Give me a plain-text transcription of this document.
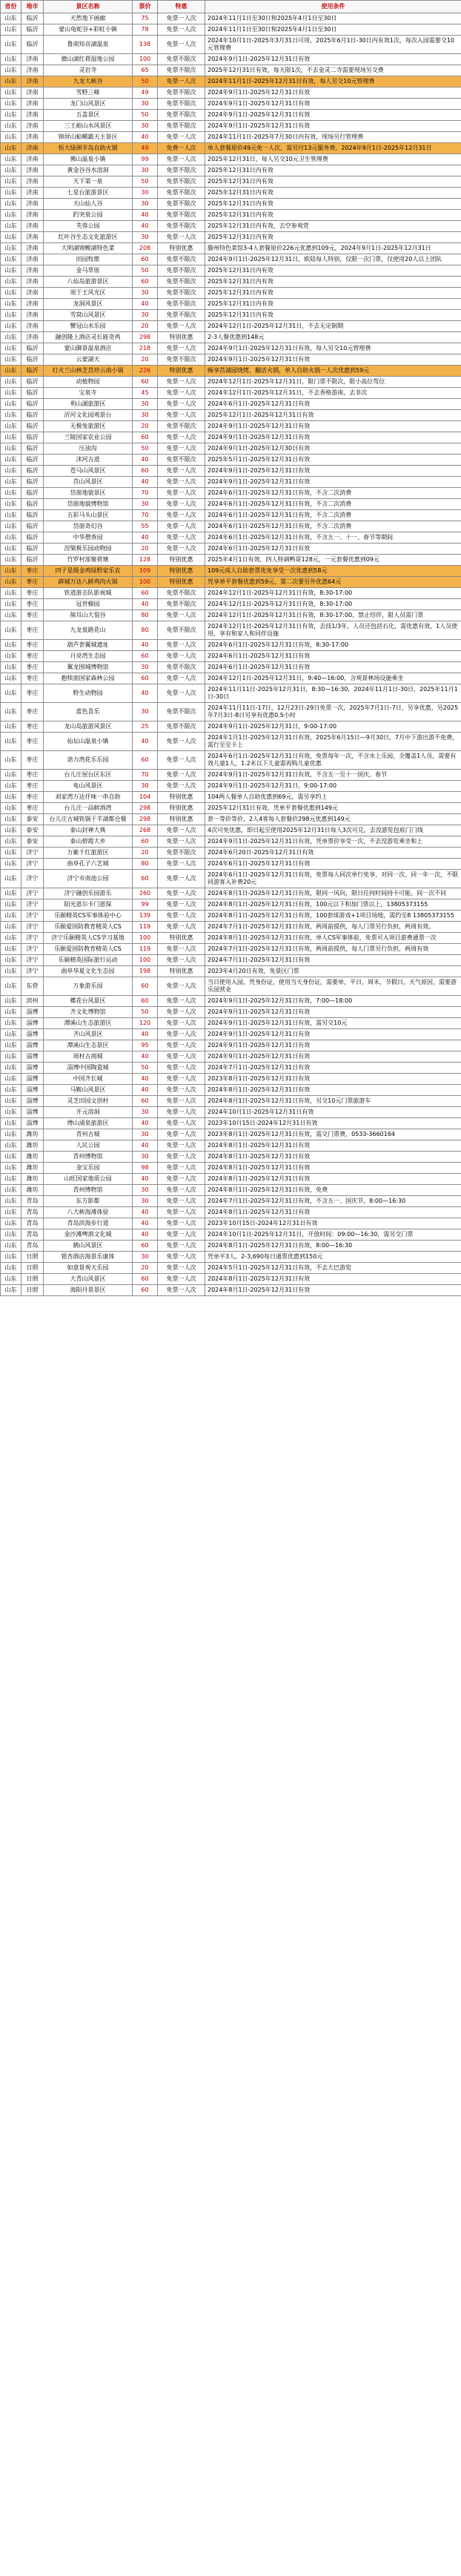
省份	地市	景区名称	票价	特惠	使用条件
山东	临沂	天然地下画廊	75	免票一人次	2024年11月1日至30日和2025年4月1日至30日
山东	临沂	蒙山龟蛇谷+彩虹小镇	78	免票一人次	2024年11月1日至30日和2025年4月1日至30日
山东	临沂	鲁南知音湖温泉	138	免票一人次	2024年10月1日-2025年3月31日可用，2025年6月1日-30日内有效1次，每次入园需要交10元管理费
山东	济南	微山湖红荷湿地公园	100	免票不限次	2024年9月1日-2025年12月31日有效
山东	济南	灵岩寺	65	免票不限次	2025年12月31日有效，每天限1次，不去金灵二寺需要现场另交费
山东	济南	九龙大峡谷	50	免票一人次	2024年11月1日-2025年12月31日有效，每人另交10元管理费
山东	济南	雪野三峰	49	免票不限次	2024年9月1日-2025年12月31日有效
山东	济南	龙门山风景区	30	免票不限次	2024年9月1日-2025年12月31日有效
山东	济南	五盖景区	50	免票不限次	2024年9月1日-2025年12月31日有效
山东	济南	三王峪山水风景区	30	免票不限次	2024年9月1日-2025年12月31日有效
山东	济南	锦屏山蛤蟆霸天主景区	40	免票一人次	2024年11月1日-2025年7月30日内有效，现场另行管理费
山东	济南	恒大绿洲半岛自助火锅	49	免费一人次	单人套餐原价49元免一人次，需另付13元服务费，2024年9月1日-2025年12月31日
山东	济南	佛山温泉小镇	99	免票一人次	2025年12月31日，每人另交10元卫生管理费
山东	济南	黄金谷谷水溶洞	30	免票不限次	2025年12月31日内有效
山东	济南	天下第一泉	50	免票不限次	2025年12月31日内有效
山东	济南	七星台旅游景区	30	免票不限次	2025年12月31日内有效
山东	济南	天山仙人谷	30	免票不限次	2025年12月31日内有效
山东	济南	趵突泉公园	40	免票不限次	2025年12月31日内有效
山东	济南	芙蓉公园	40	免票不限次	2025年12月31日内有效，去空参观赏
山东	济南	红叶谷生态文化旅游区	30	免票一人次	2025年12月31日内有效
山东	济南	大明湖锦鲤湖特色菜	208	特别优惠	滕州特色菜馆3-4人套餐原价226元优惠到109元，2024年9月1日-2025年12月31日
山东	济南	田园牧歌	60	免票不限次	2024年9月1日-2025年12月31日，欧陆每人特别、仅限一次门票，仅使用20人以上团队
山东	济南	金马草原	50	免票不限次	2025年12月31日内有效
山东	济南	八仙岛旅游景区	60	免票不限次	2025年12月31日内有效
山东	济南	周于王风光区	30	免票不限次	2025年12月31日内有效
山东	济南	龙洞风景区	40	免票不限次	2025年12月31日内有效
山东	济南	雪窝山风景区	30	免票不限次	2025年12月31日内有效
山东	济南	蟹冠山水乐园	20	免票一人次	2024年12月1日-2025年12月31日，不去无定制期
山东	济南	融创隆上酒店灵长能奇鸡	298	特别优惠	2-3人餐优惠到148元
山东	临沂	蒙山御景温泉酒店	218	免票一人次	2024年9月1日-2025年12月31日有效，每人另交10元管理费
山东	临沂	云蒙湖天	20	免票不限次	2024年9月1日-2025年12月31日有效
山东	临沂	灯火兰山林芝莒珍云南小锅	226	特别优惠	畅享莒湖园烧烤，翻活火锅，单人自助火锅一人次优惠到59元
山东	临沂	动植物园	60	免票一人次	2024年12月1日-2025年12月31日，限门票不限次，限小高位驾位
山东	临沂	宝泉寺	45	免票一人次	2024年12月1日-2025年12月31日，不去香格游南，去非次
山东	临沂	利山湖旅游区	30	免票一人次	2024年6月1日-2025年12月31日有效
山东	临沂	沂河文化园观景台	30	免票一人次	2025年12月1日-2025年12月31日有效
山东	临沂	无极兔旅游区	20	免票不限次	2024年9月1日-2025年12月31日有效
山东	临沂	兰陵国家农业公园	60	免票一人次	2024年9月1日-2025年12月31日有效
山东	临沂	压油沟	50	免票一人次	2024年9月1日-2025年12月30日有效
山东	临沂	沭河古道	40	免票不限次	2025年5月1日-2025年12月31日有效
山东	临沂	苍马山风景区	60	免票一人次	2024年9月1日-2025年12月31日有效
山东	临沂	莒山风景区	40	免票一人次	2024年9月1日-2025年12月31日有效
山东	临沂	岱崮地貌景区	70	免票一人次	2024年6月1日-2025年12月31日有效，不含二次消费
山东	临沂	岱崮地貌博物馆	30	免票一人次	2024年6月1日-2025年12月31日有效，不含二次消费
山东	临沂	五彩马头山景区	70	免票一人次	2024年6月1日-2025年12月31日有效，不含二次消费
山东	临沂	岱崮奇幻谷	55	免票一人次	2024年6月1日-2025年12月31日有效，不含二次消费
山东	临沂	中华僧香园	40	免票一人次	2024年6月1日-2025年12月31日有效，不含五一、十一、春节等期间
山东	临沂	涅槃极乐园动物园	20	免票一人次	2024年6月1日-2025年12月31日有效
山东	临沂	竹罗村部聚荷塘	128	特别优惠	2025年4月1日有效，四人特调鸭哥128元，一元套餐优惠到09元
山东	枣庄	四子星级金鸡绿野家乐农	109	特别优惠	109元成人自助套票优免享受一次优惠到58元
山东	枣庄	薛城万达八鲜鸡肉火锅	100	特别优惠	凭享单平套餐优惠到59元，第二次要另外优惠64元
山东	枣庄	铁道游击队影视城	60	免票不限次	2024年12月1日-2025年12月31日有效，8:30-17:00
山东	枣庄	冠世榴园	40	免票不限次	2024年12月1日-2025年12月31日有效，8:30-17:00
山东	枣庄	熊耳山大裂谷	80	免票一人次	2024年12月1日-2025年12月31日有效，8:30-17:00，禁止结伴，限人员需门票
山东	枣庄	九龙泉路花山	80	免票不限次	2024年12月1日-2025年12月31日有效，去技1/3年，人员还包括石化，需优惠有效，1人员使用，享有和家人和同伴设施
山东	枣庄	葫芦套翼城遗址	40	免票一人次	2024年6月1日-2025年12月31日有效，8:30-17:00
山东	枣庄	月亮湾生态园	60	免票一人次	2024年6月1日-2025年12月31日有效
山东	枣庄	翼龙围城博物馆	30	免票不限次	2024年6月1日-2025年12月31日有效
山东	枣庄	抱犊崮国家森林公园	60	免票一人次	2024年12月1日-2025年12月31日，9:40—16:00，含观景林场设施乘坐
山东	枣庄	野生动物园	40	免票一人次	2024年11月11日-2025年12月31日，8:30—16:30，2024年11月1日-30日，2025年11月1日-30日
山东	枣庄	蓝色喜乐	30	免票不限次	2024年11月11日-17日，12月23日-29日免票一次，2025年7月1日-7日，另享优惠，另2025年7月3日-8日另享有优惠0.5小时
山东	枣庄	龙山岛旅游风景区	25	免票不限次	2024年9月1日-2025年12月31日，9:00-17:00
山东	枣庄	仙坛山温泉小镇	40	免票一人次	2024年1月1日-2025年12月31日有效，2025年6月15日—9月30日，7月中下游出游不免费，需行至至卡上
山东	枣庄	诺力湾花乐乐园	60	免票一人次	2024年6月1日-2025年12月31日有效，免票每年一次，不含水上乐园，全覆盖1人员，需要有效儿童1人，1.2米以下儿童需再购儿童优惠
山东	枣庄	台儿庄屋台区东区	70	免票一人次	2024年9月1日-2025年12月31日有效，不含五一至十一国庆、春节
山东	枣庄	龟山风景区	30	免票一人次	2024年9月1日-2025年12月31日，9:00-17:00
山东	枣庄	刘家湾万达仟味一串自助	104	特别优惠	104两人餐单人自助优惠到69元，需另享约上
山东	枣庄	台儿庄一品鲜酒湾	298	特别优惠	2025年12月31日有效，凭单平套餐优惠到149元
山东	泰安	台儿庄古城铁锅干羊湖都仓餐	298	特别优惠	套一等价等价，2人4客每人套餐价298元优惠到149元
山东	泰安	泰山封禅大典	268	免票一人次	4次可免优惠，即日起至使用2025年12月31日每人3次可兑，去没游览包底门门线
山东	泰安	泰山碧霞大乡	60	免票一人次	2024年9月1日-2025年12月31日有效，凭单票价享受一次，不去没游览乘坐和上
山东	济宁	万紫千红旅游区	20	免票不限次	2024年6月20日-2025年12月31日有效
山东	济宁	曲阜孔子六艺城	80	免票一人次	2024年6月1日-2025年12月31日有效
山东	济宁	济宁市南池公园	60	免票一人次	2024年6月1日-2025年12月31日有效，免票每人同次单行免享，对同一次、同一年一次，不限同游客入补费20元
山东	济宁	济宁融创乐园游乐	260	免票一人次	2024年8月1日-2025年12月31日有效，限同一风向，限日任何时间持卡可能，同一次不同
山东	济宁	阳光恩尔卡门恩保	99	免票一人次	2024年8月1日-2025年12月31日有效，100元以下和加门票以上，13805373155
山东	济宁	乐颐精英CS军事体验中心	139	免票一人次	2024年8月1日-2025年12月31日有效，100套球游戏+1项目场地，需约至8 13805373155
山东	济宁	乐颐爱国防教育精英人CS	119	免票一人次	2024年7月1日-2025年12月31日有效，两周前提供，每人门票另行负担，两周有效。
山东	济宁	济宁乐颐精英人CS学习基地	100	特别优惠	2024年8月1日-2025年12月31日有效，单人CS军事体验，免票可入项目游费通票一次
山东	济宁	乐颐爱国防教育精英人CS	119	免票一人次	2024年7月1日-2025年12月31日有效，两周前提供，每人门票另行负担，两周有效
山东	济宁	乐颐精英国际旅行运动	100	免票一人次	2024年7月1日-2025年12月31日有效
山东	济宁	曲阜华夏文化生态园	198	特别优惠	2023年4月20日有效，免景区门票
山东	东营	万象游乐园	60	免票一人次	当日使用入园，凭身份证，使用当天身份证，需要单，平日，周末，节假日，天气原因，需要游乐园营业
山东	滨州	蝶花台风景区	60	免票一人次	2024年9月1日-2025年12月31日有效，7:00—18:00
山东	淄博	齐文化博物馆	50	免票一人次	2024年9月1日-2025年12月31日有效
山东	淄博	潭溪山生态旅游区	120	免票一人次	2024年9月1日-2025年12月31日有效，需另交10元
山东	淄博	齐山风景区	40	免票一人次	2024年9月1日-2025年12月31日有效
山东	淄博	潭溪山生态景区	95	免票一人次	2024年9月1日-2025年12月31日有效
山东	淄博	周村古商城	40	免票一人次	2024年9月1日-2025年12月31日有效
山东	淄博	淄博中国陶瓷城	50	免票一人次	2024年7月1日-2025年12月31日有效
山东	淄博	中国齐长城	40	免票一人次	2023年8月1日-2025年12月31日有效
山东	淄博	马鞍山风景区	40	免票一人次	2024年8月1日-2025年12月31日有效
山东	淄博	灵芝田园文创村	60	免票一人次	2024年8月1日-2025年12月31日有效，另交10元门票旅游车
山东	淄博	开元溶洞	30	免票一人次	2024年10月1日-2025年12月31日有效
山东	淄博	博山涌泉旅游区	40	免票一人次	2023年10月15日-2024年12月31日有效
山东	潍坊	青州古城	30	免票一人次	2023年8月1日-2025年12月31日有效，需交门票费，0533-3660164
山东	潍坊	人民公园	40	免票一人次	2024年8月1日-2025年12月31日有效
山东	潍坊	青州博物馆	30	免票一人次	2024年8月1日-2025年12月31日有效
山东	潍坊	金宝乐园	98	免票一人次	2024年8月1日-2025年12月31日有效
山东	潍坊	山旺国家地质公园	40	免票一人次	2024年8月1日-2025年12月31日有效
山东	潍坊	青州博物馆	30	免票一人次	2024年8月1日-2025年12月31日有效，免费
山东	青岛	东方影都	30	免票一人次	2024年7月1日-2025年12月31日有效，不含五一、国庆节，8:00—16:30
山东	青岛	八大峡海滩体验	40	免票一人次	2024年8月1日-2025年12月31日有效
山东	青岛	青岛滨海步行道	40	免票一人次	2023年10月15日-2024年12月31日有效
山东	青岛	金沙滩啤酒文化城	40	免票一人次	2024年10月1日-2025年12月31日，开放时间：09:00—16:30，需另交门票
山东	青岛	鹤山风景区	60	免票一人次	2024年8月1日-2025年12月31日有效，8:00—16:30
山东	日照	银杏酒店海景乐康体	30	免票一人次	凭单平3人，2-3,690每日通票优惠到150元
山东	日照	如意景观天乐园	20	免票一人次	2024年5月1日-2025年12月31日有效，不去大巴游览
山东	日照	大青山风景区	60	免票一人次	2024年8月1日-2025年12月31日有效
山东	日照	海阳丹景景区	60	免票一人次	2024年8月1日-2025年12月31日有效
